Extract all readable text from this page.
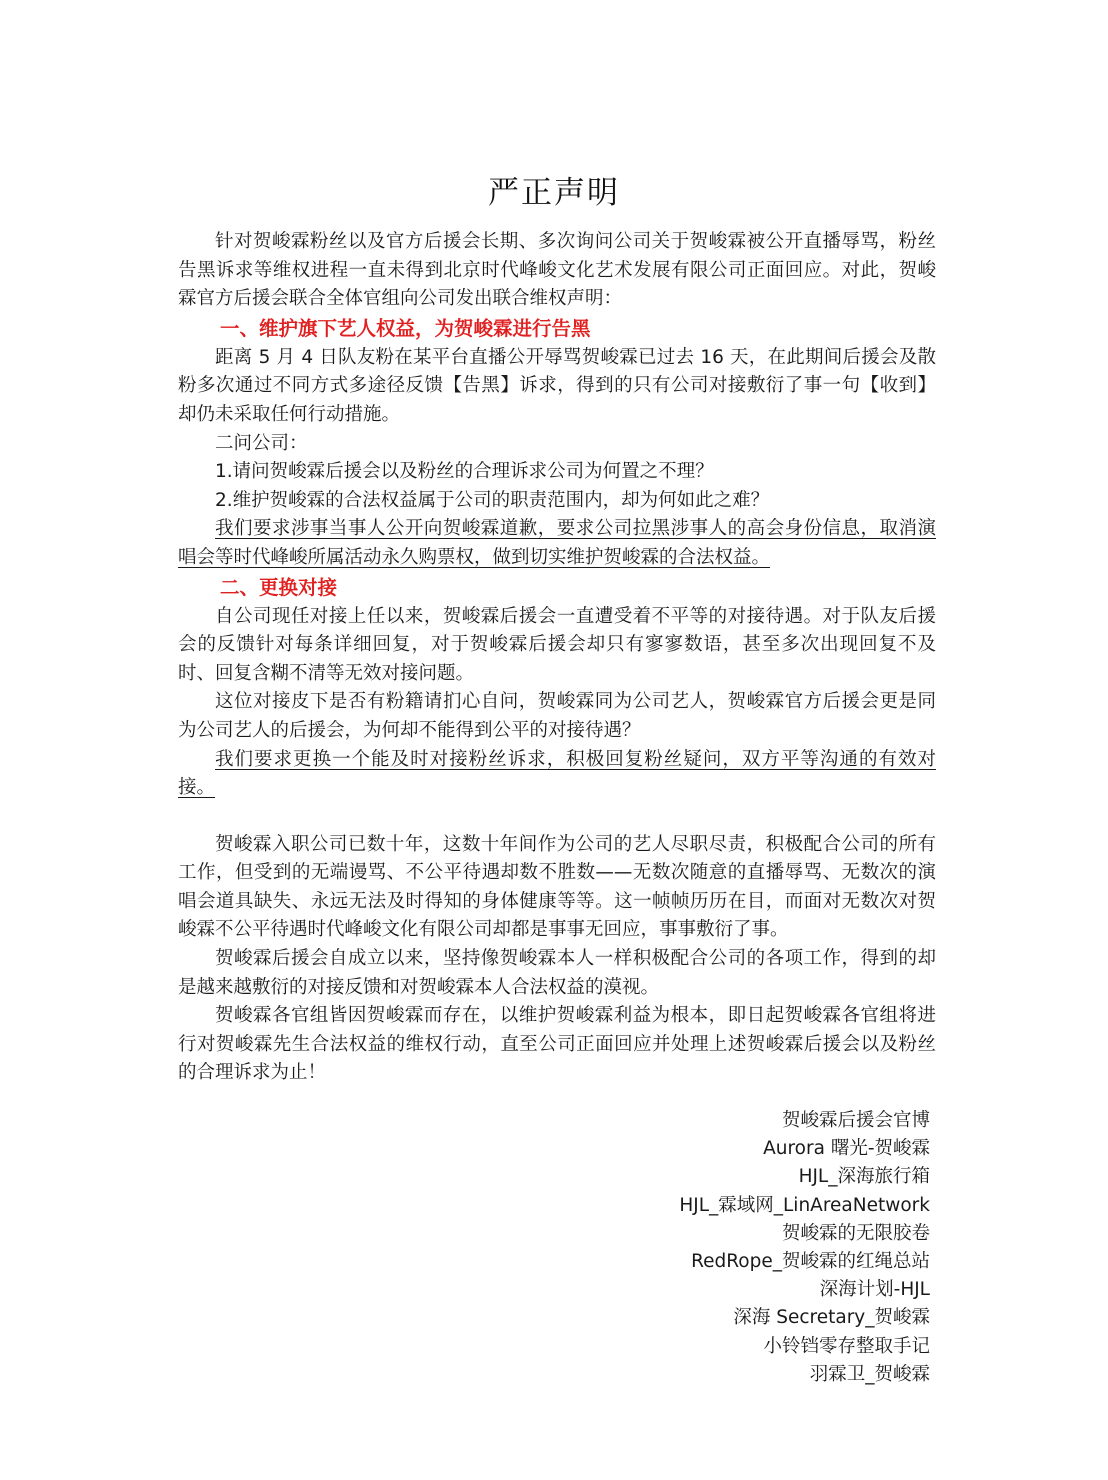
严正声明

针对贺峻霖粉丝以及官方后援会长期、多次询问公司关于贺峻霖被公开直播辱骂，粉丝告黑诉求等维权进程一直未得到北京时代峰峻文化艺术发展有限公司正面回应。对此，贺峻霖官方后援会联合全体官组向公司发出联合维权声明：

一、维护旗下艺人权益，为贺峻霖进行告黑

距离 5 月 4 日队友粉在某平台直播公开辱骂贺峻霖已过去 16 天，在此期间后援会及散粉多次通过不同方式多途径反馈【告黑】诉求，得到的只有公司对接敷衍了事一句【收到】却仍未采取任何行动措施。

二问公司：

1.请问贺峻霖后援会以及粉丝的合理诉求公司为何置之不理？

2.维护贺峻霖的合法权益属于公司的职责范围内，却为何如此之难？

我们要求涉事当事人公开向贺峻霖道歉，要求公司拉黑涉事人的高会身份信息，取消演唱会等时代峰峻所属活动永久购票权，做到切实维护贺峻霖的合法权益。

二、更换对接

自公司现任对接上任以来，贺峻霖后援会一直遭受着不平等的对接待遇。对于队友后援会的反馈针对每条详细回复，对于贺峻霖后援会却只有寥寥数语，甚至多次出现回复不及时、回复含糊不清等无效对接问题。

这位对接皮下是否有粉籍请扪心自问，贺峻霖同为公司艺人，贺峻霖官方后援会更是同为公司艺人的后援会，为何却不能得到公平的对接待遇？

我们要求更换一个能及时对接粉丝诉求，积极回复粉丝疑问，双方平等沟通的有效对接。

贺峻霖入职公司已数十年，这数十年间作为公司的艺人尽职尽责，积极配合公司的所有工作，但受到的无端谩骂、不公平待遇却数不胜数——无数次随意的直播辱骂、无数次的演唱会道具缺失、永远无法及时得知的身体健康等等。这一帧帧历历在目，而面对无数次对贺峻霖不公平待遇时代峰峻文化有限公司却都是事事无回应，事事敷衍了事。

贺峻霖后援会自成立以来，坚持像贺峻霖本人一样积极配合公司的各项工作，得到的却是越来越敷衍的对接反馈和对贺峻霖本人合法权益的漠视。

贺峻霖各官组皆因贺峻霖而存在，以维护贺峻霖利益为根本，即日起贺峻霖各官组将进行对贺峻霖先生合法权益的维权行动，直至公司正面回应并处理上述贺峻霖后援会以及粉丝的合理诉求为止！

贺峻霖后援会官博
Aurora 曙光-贺峻霖
HJL_深海旅行箱
HJL_霖域网_LinAreaNetwork
贺峻霖的无限胶卷
RedRope_贺峻霖的红绳总站
深海计划-HJL
深海 Secretary_贺峻霖
小铃铛零存整取手记
羽霖卫_贺峻霖
